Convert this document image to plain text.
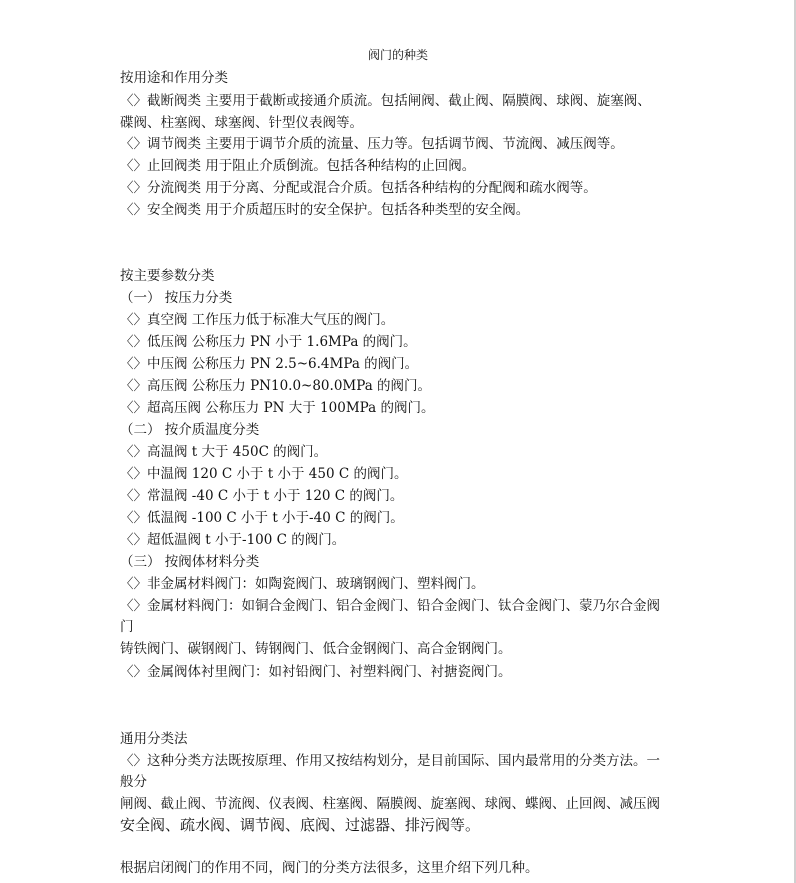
阀门的种类
按用途和作用分类
〈〉截断阀类 主要用于截断或接通介质流。包括闸阀、截止阀、隔膜阀、球阀、旋塞阀、
碟阀、柱塞阀、球塞阀、针型仪表阀等。
〈〉调节阀类 主要用于调节介质的流量、压力等。包括调节阀、节流阀、减压阀等。
〈〉止回阀类 用于阻止介质倒流。包括各种结构的止回阀。
〈〉分流阀类 用于分离、分配或混合介质。包括各种结构的分配阀和疏水阀等。
〈〉安全阀类 用于介质超压时的安全保护。包括各种类型的安全阀。
按主要参数分类
（一） 按压力分类
〈〉真空阀 工作压力低于标准大气压的阀门。
〈〉低压阀 公称压力 PN 小于 1.6MPa 的阀门。
〈〉中压阀 公称压力 PN 2.5~6.4MPa 的阀门。
〈〉高压阀 公称压力 PN10.0~80.0MPa 的阀门。
〈〉超高压阀 公称压力 PN 大于 100MPa 的阀门。
（二） 按介质温度分类
〈〉高温阀 t 大于 450C 的阀门。
〈〉中温阀 120 C 小于 t 小于 450 C 的阀门。
〈〉常温阀 -40 C 小于 t 小于 120 C 的阀门。
〈〉低温阀 -100 C 小于 t 小于-40 C 的阀门。
〈〉超低温阀 t 小于-100 C 的阀门。
（三） 按阀体材料分类
〈〉非金属材料阀门：如陶瓷阀门、玻璃钢阀门、塑料阀门。
〈〉金属材料阀门：如铜合金阀门、铝合金阀门、铅合金阀门、钛合金阀门、蒙乃尔合金阀
门
铸铁阀门、碳钢阀门、铸钢阀门、低合金钢阀门、高合金钢阀门。
〈〉金属阀体衬里阀门：如衬铅阀门、衬塑料阀门、衬搪瓷阀门。
通用分类法
〈〉这种分类方法既按原理、作用又按结构划分，是目前国际、国内最常用的分类方法。一
般分
闸阀、截止阀、节流阀、仪表阀、柱塞阀、隔膜阀、旋塞阀、球阀、蝶阀、止回阀、减压阀
安全阀、疏水阀、调节阀、底阀、过滤器、排污阀等。
根据启闭阀门的作用不同，阀门的分类方法很多，这里介绍下列几种。
